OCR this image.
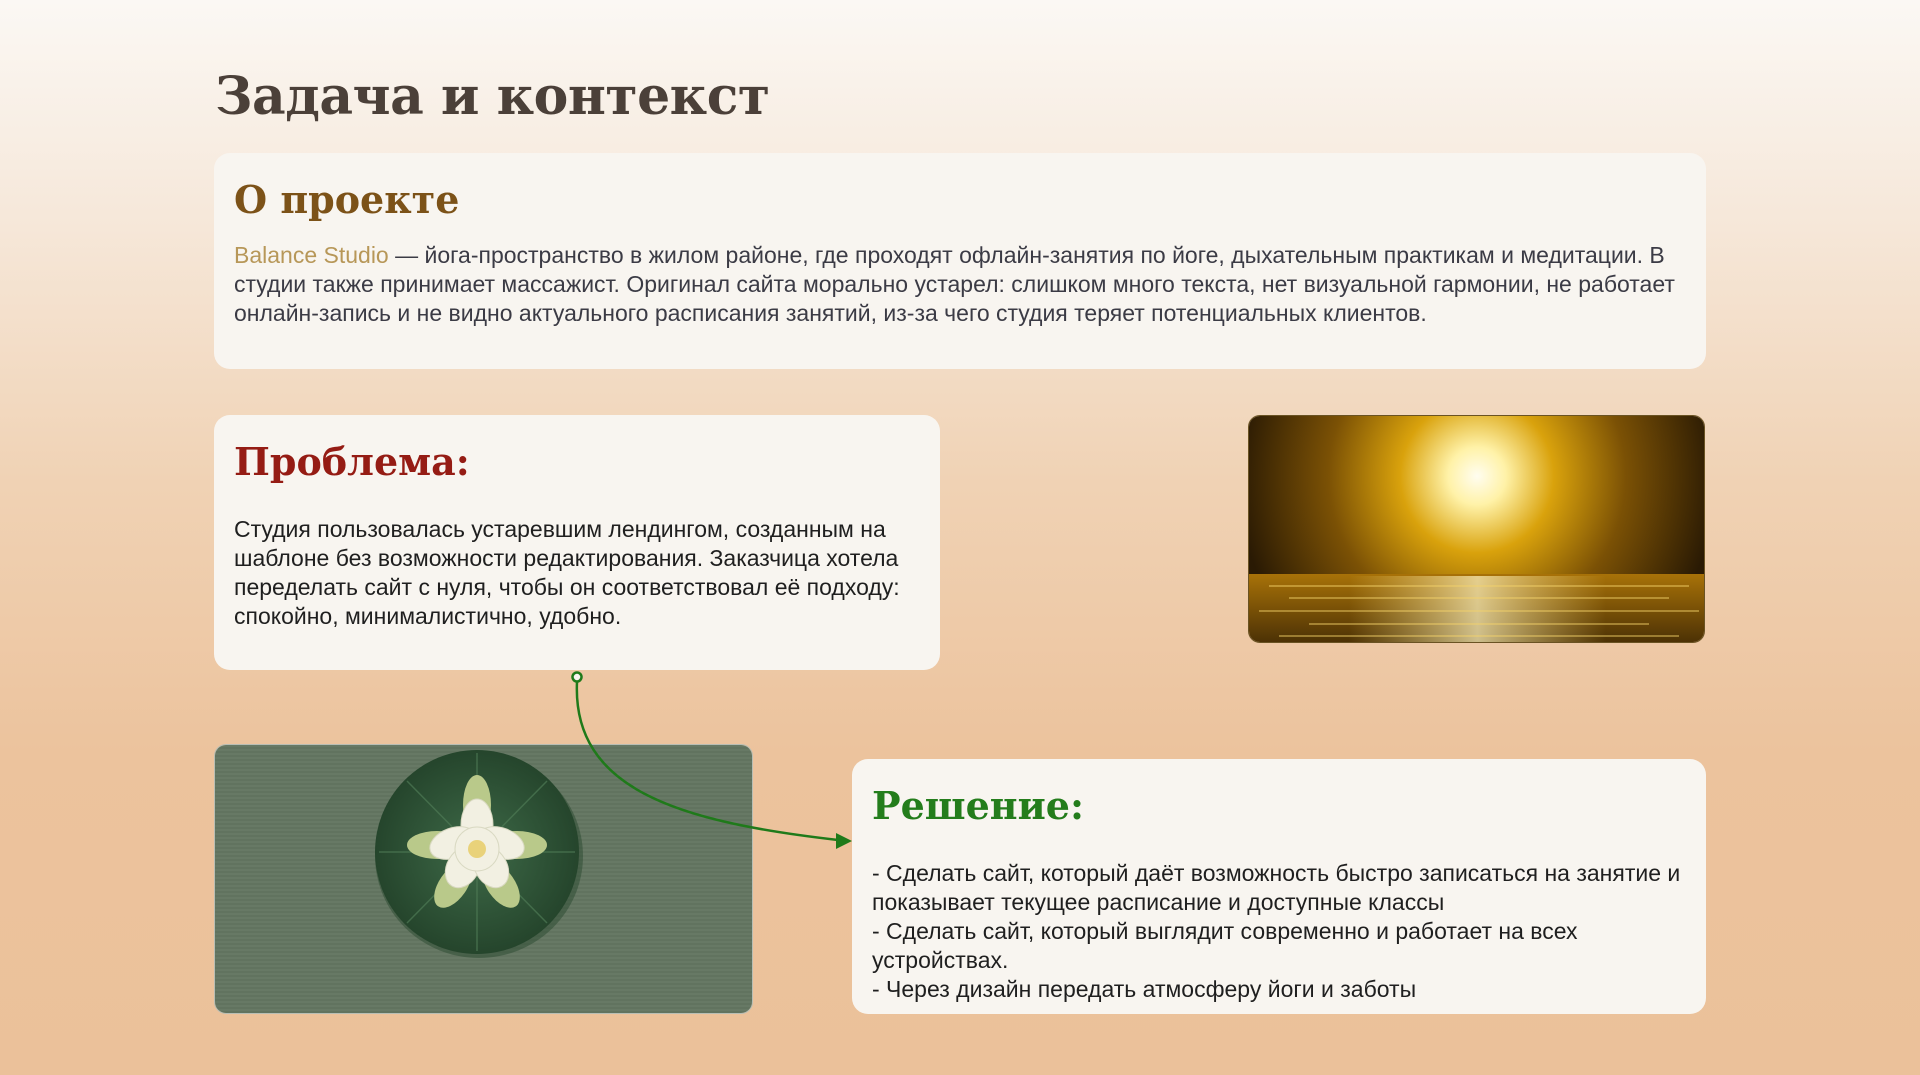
Задача и контекст
О проекте

Balance Studio — йога-пространство в жилом районе, где проходят офлайн-занятия по йоге, дыхательным практикам и медитации. В студии также принимает массажист. Оригинал сайта морально устарел: слишком много текста, нет визуальной гармонии, не работает онлайн-запись и не видно актуального расписания занятий, из-за чего студия теряет потенциальных клиентов.

Проблема:

Студия пользовалась устаревшим лендингом, созданным на шаблоне без возможности редактирования. Заказчица хотела переделать сайт с нуля, чтобы он соответствовал её подходу: спокойно, минималистично, удобно.

Решение:
- Сделать сайт, который даёт возможность быстро записаться на занятие и показывает текущее расписание и доступные классы
- Сделать сайт, который выглядит современно и работает на всех устройствах.
- Через дизайн передать атмосферу йоги и заботы
